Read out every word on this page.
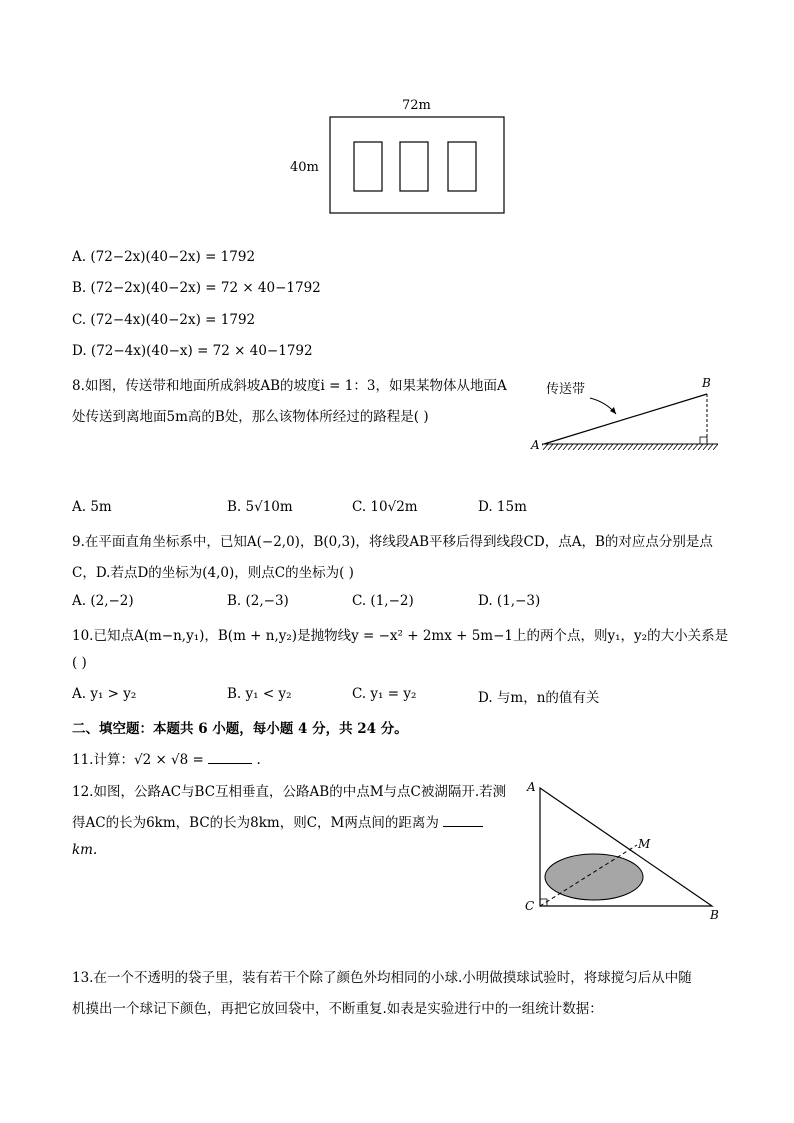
72m
40m
A. (72−2x)(40−2x) = 1792
B. (72−2x)(40−2x) = 72 × 40−1792
C. (72−4x)(40−2x) = 1792
D. (72−4x)(40−x) = 72 × 40−1792
8.如图，传送带和地面所成斜坡AB的坡度i = 1：3，如果某物体从地面A
处传送到离地面5m高的B处，那么该物体所经过的路程是( )
传送带	B
A
A. 5m	B. 5√10m	C. 10√2m	D. 15m
9.在平面直角坐标系中，已知A(−2,0)，B(0,3)，将线段AB平移后得到线段CD，点A，B的对应点分别是点
C，D.若点D的坐标为(4,0)，则点C的坐标为( )
A. (2,−2)	B. (2,−3)	C. (1,−2)	D. (1,−3)
10.已知点A(m−n,y₁)，B(m + n,y₂)是抛物线y = −x² + 2mx + 5m−1上的两个点，则y₁，y₂的大小关系是
( )
A. y₁ > y₂	B. y₁ < y₂	C. y₁ = y₂	D. 与m，n的值有关
二、填空题：本题共 6 小题，每小题 4 分，共 24 分。
11.计算：√2 × √8 =	.
12.如图，公路AC与BC互相垂直，公路AB的中点M与点C被湖隔开.若测
得AC的长为6km，BC的长为8km，则C，M两点间的距离为
km.
A
M
C
B
13.在一个不透明的袋子里，装有若干个除了颜色外均相同的小球.小明做摸球试验时，将球搅匀后从中随
机摸出一个球记下颜色，再把它放回袋中，不断重复.如表是实验进行中的一组统计数据：
